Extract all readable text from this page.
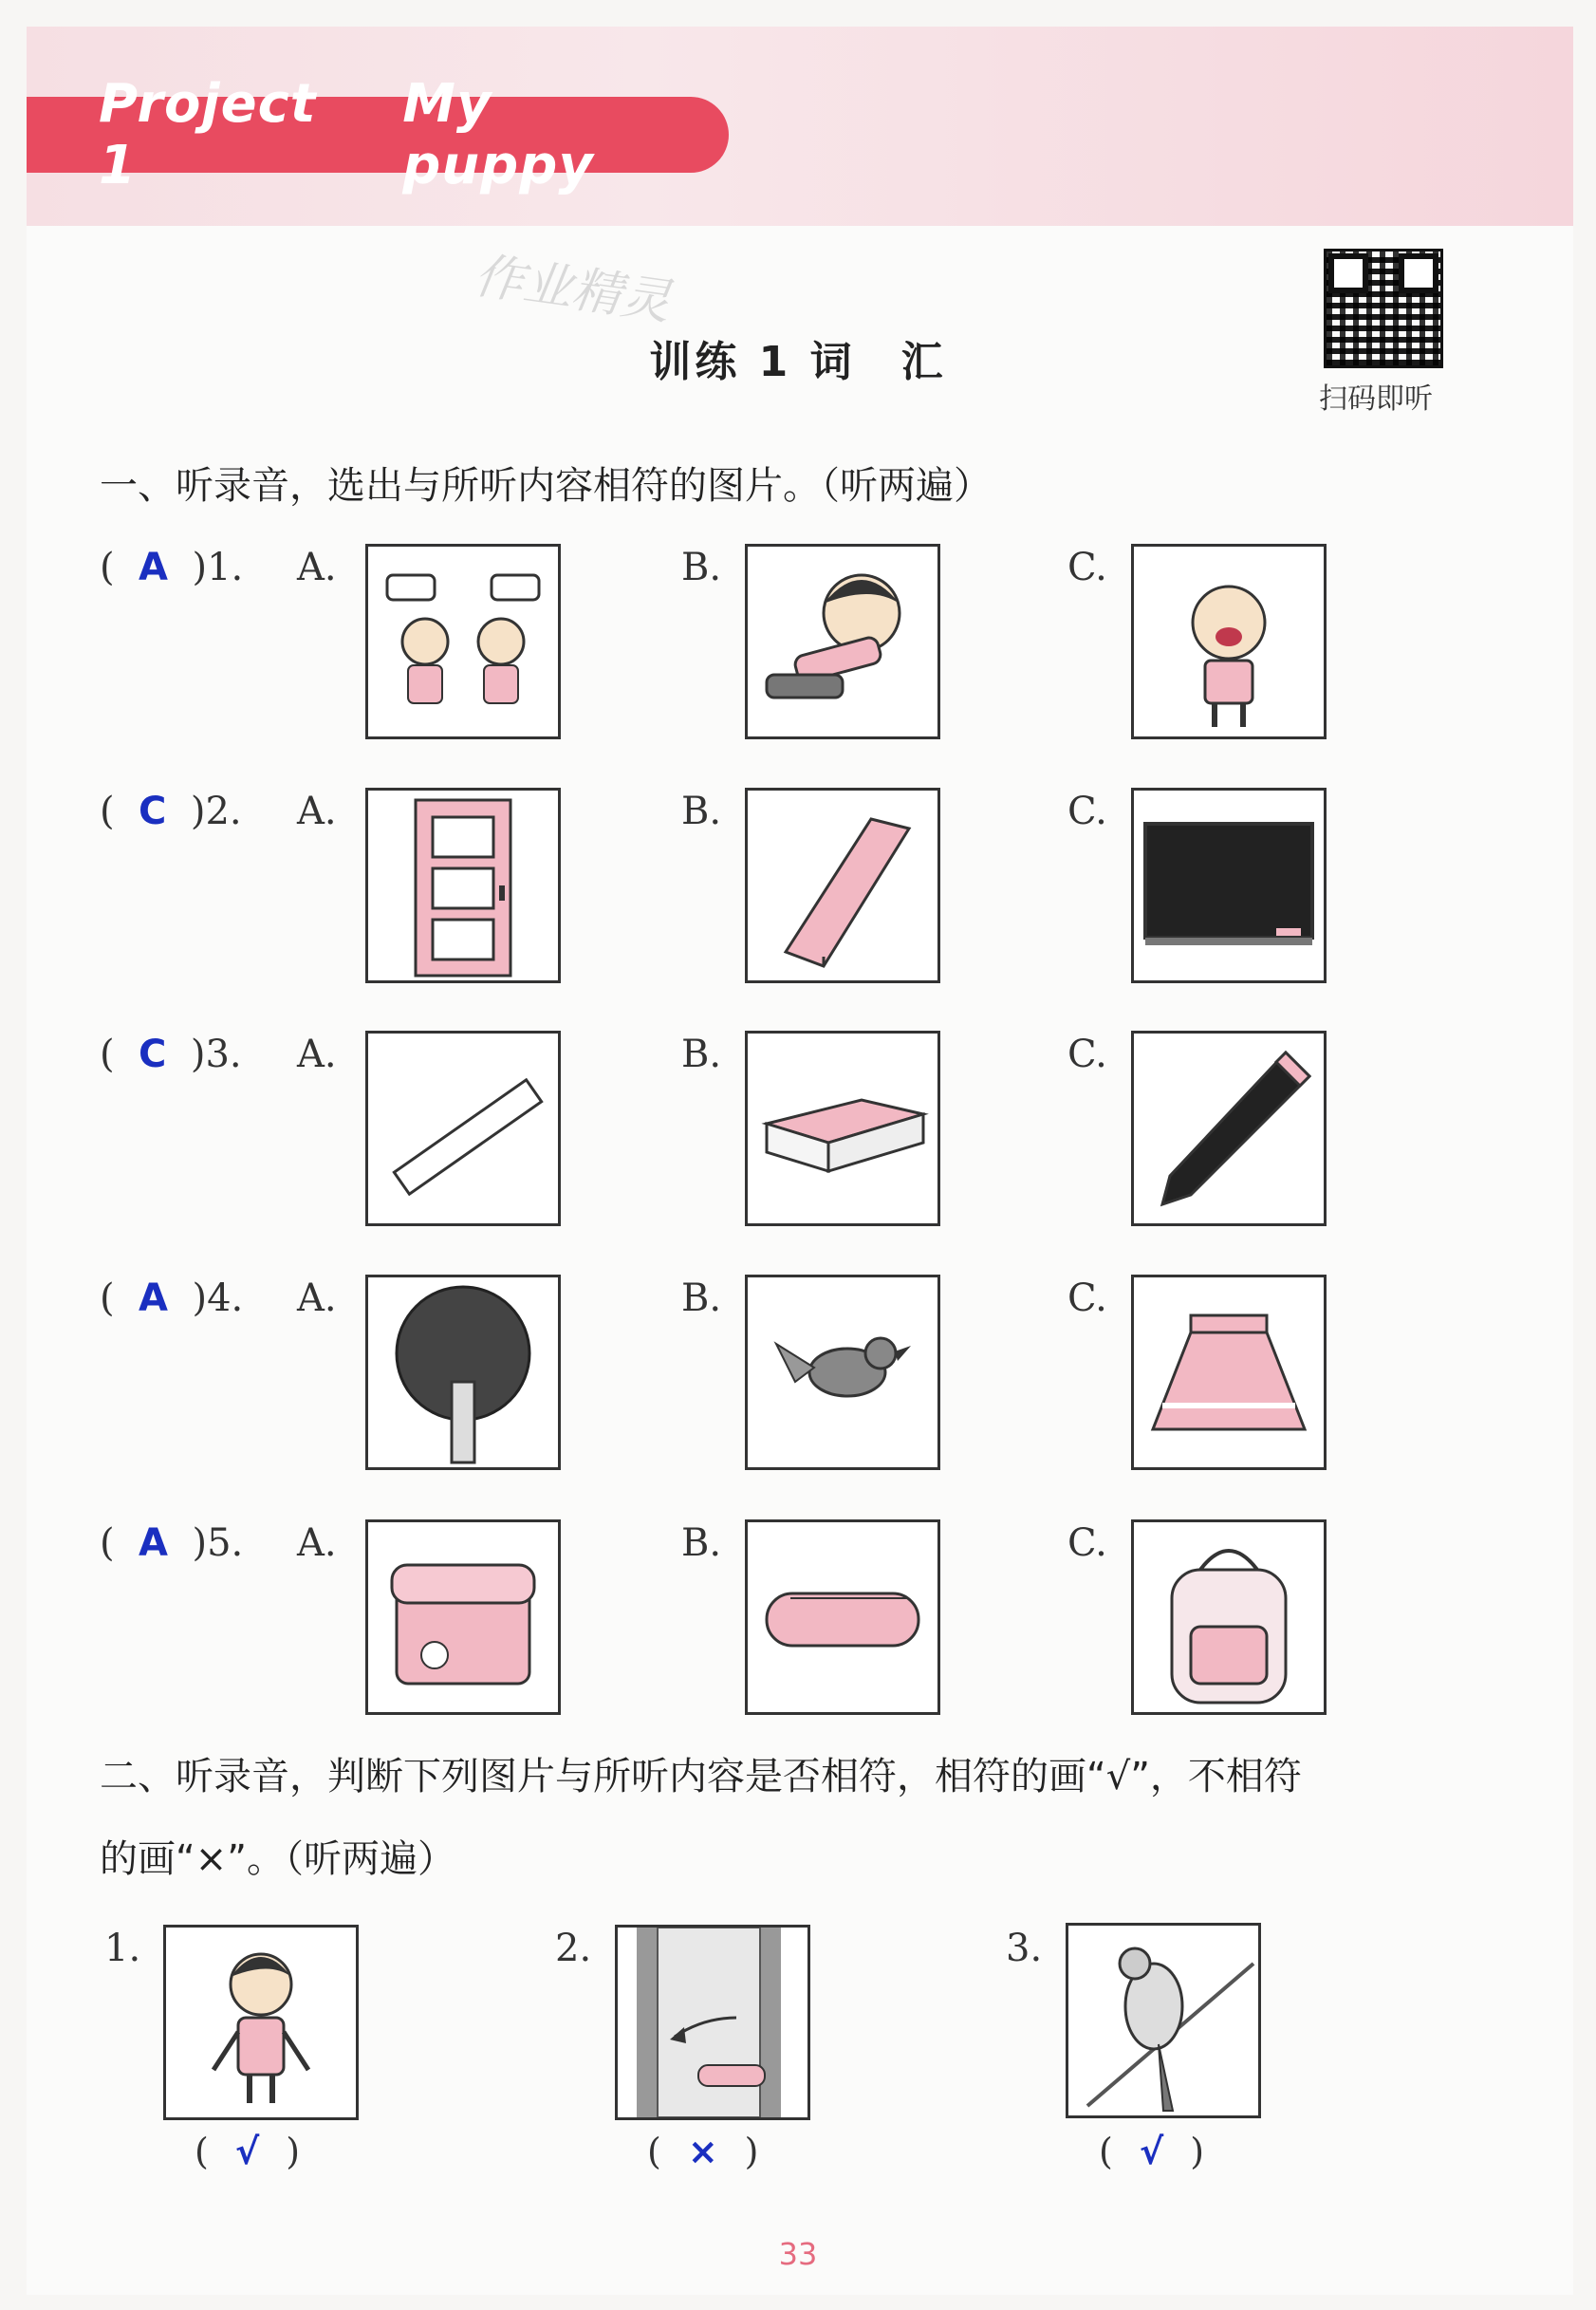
Project 1
My puppy
作业精灵
训练 1 词　汇
扫码即听
一、听录音，选出与所听内容相符的图片。（听两遍）
(  A  )1. A.	B.	C.
(  C  )2. A.	B.	C.
(  C  )3. A.	B.	C.
(  A  )4. A.	B.	C.
(  A  )5. A.	B.	C.
二、听录音，判断下列图片与所听内容是否相符，相符的画“√”，不相符
的画“×”。（听两遍）
1.
( √ )
2.
( × )
3.
( √ )
33
